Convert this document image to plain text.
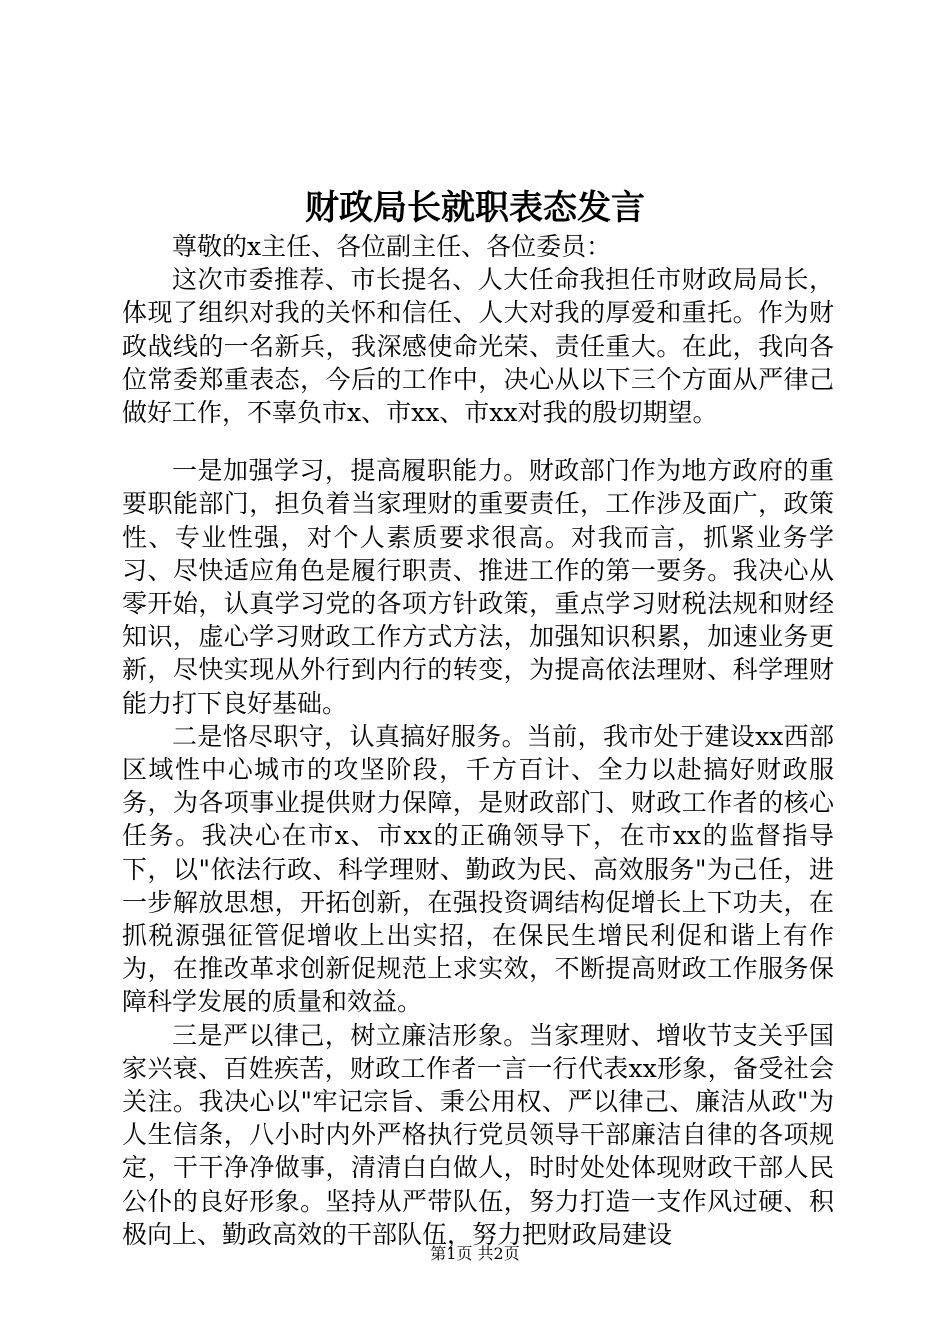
财政局长就职表态发言

尊敬的x主任、各位副主任、各位委员：

这次市委推荐、市长提名、人大任命我担任市财政局局长，体现了组织对我的关怀和信任、人大对我的厚爱和重托。作为财政战线的一名新兵，我深感使命光荣、责任重大。在此，我向各位常委郑重表态，今后的工作中，决心从以下三个方面从严律己做好工作，不辜负市x、市xx、市xx对我的殷切期望。

一是加强学习，提高履职能力。财政部门作为地方政府的重要职能部门，担负着当家理财的重要责任，工作涉及面广，政策性、专业性强，对个人素质要求很高。对我而言，抓紧业务学习、尽快适应角色是履行职责、推进工作的第一要务。我决心从零开始，认真学习党的各项方针政策，重点学习财税法规和财经知识，虚心学习财政工作方式方法，加强知识积累，加速业务更新，尽快实现从外行到内行的转变，为提高依法理财、科学理财能力打下良好基础。

二是恪尽职守，认真搞好服务。当前，我市处于建设xx西部区域性中心城市的攻坚阶段，千方百计、全力以赴搞好财政服务，为各项事业提供财力保障，是财政部门、财政工作者的核心任务。我决心在市x、市xx的正确领导下，在市xx的监督指导下，以"依法行政、科学理财、勤政为民、高效服务"为己任，进一步解放思想，开拓创新，在强投资调结构促增长上下功夫，在抓税源强征管促增收上出实招，在保民生增民利促和谐上有作为，在推改革求创新促规范上求实效，不断提高财政工作服务保障科学发展的质量和效益。

三是严以律己，树立廉洁形象。当家理财、增收节支关乎国家兴衰、百姓疾苦，财政工作者一言一行代表xx形象，备受社会关注。我决心以"牢记宗旨、秉公用权、严以律己、廉洁从政"为人生信条，八小时内外严格执行党员领导干部廉洁自律的各项规定，干干净净做事，清清白白做人，时时处处体现财政干部人民公仆的良好形象。坚持从严带队伍，努力打造一支作风过硬、积极向上、勤政高效的干部队伍，努力把财政局建设

第1页 共2页
